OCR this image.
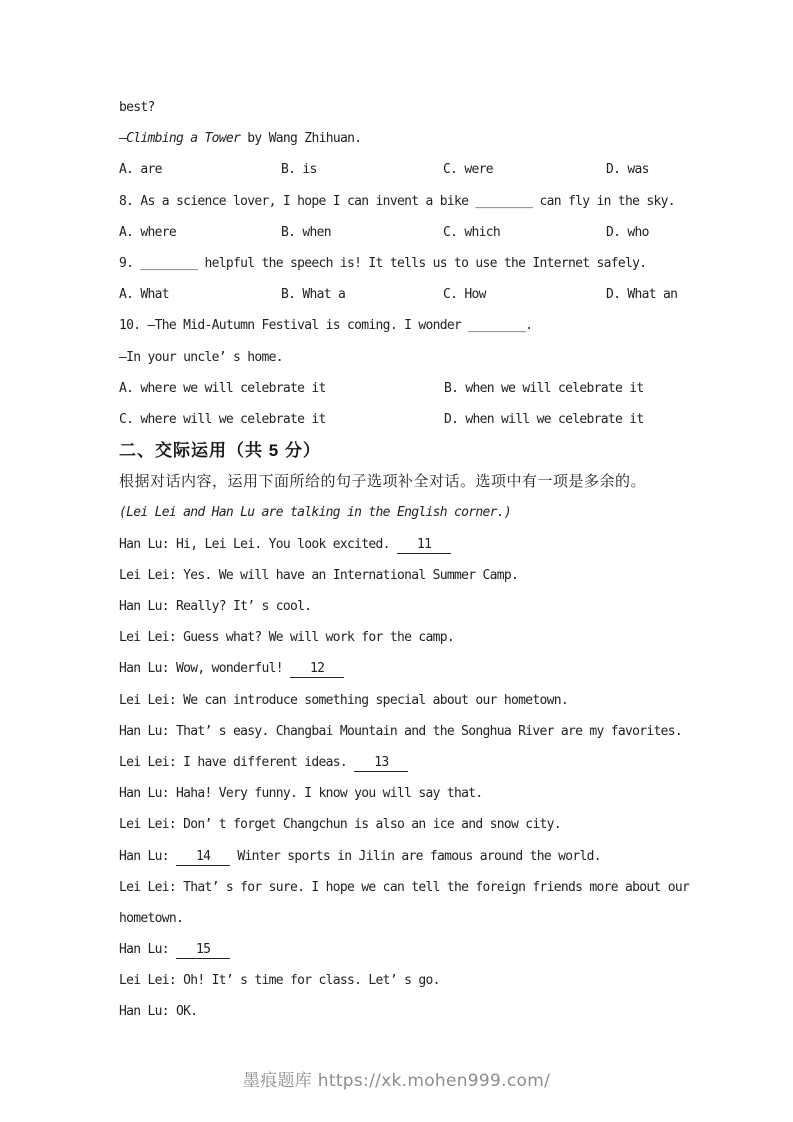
best?
—Climbing a Tower by Wang Zhihuan.
A. are	B. is	C. were	D. was
8. As a science lover, I hope I can invent a bike ________ can fly in the sky.
A. where	B. when	C. which	D. who
9. ________ helpful the speech is! It tells us to use the Internet safely.
A. What	B. What a	C. How	D. What an
10. —The Mid-Autumn Festival is coming. I wonder ________.
—In your uncle’ s home.
A. where we will celebrate it	B. when we will celebrate it
C. where will we celebrate it	D. when will we celebrate it
二、交际运用（共 5 分）
根据对话内容，运用下面所给的句子选项补全对话。选项中有一项是多余的。
(Lei Lei and Han Lu are talking in the English corner.)
Han Lu: Hi, Lei Lei. You look excited. 11
Lei Lei: Yes. We will have an International Summer Camp.
Han Lu: Really? It’ s cool.
Lei Lei: Guess what? We will work for the camp.
Han Lu: Wow, wonderful! 12
Lei Lei: We can introduce something special about our hometown.
Han Lu: That’ s easy. Changbai Mountain and the Songhua River are my favorites.
Lei Lei: I have different ideas. 13
Han Lu: Haha! Very funny. I know you will say that.
Lei Lei: Don’ t forget Changchun is also an ice and snow city.
Han Lu: 14 Winter sports in Jilin are famous around the world.
Lei Lei: That’ s for sure. I hope we can tell the foreign friends more about our
hometown.
Han Lu: 15
Lei Lei: Oh! It’ s time for class. Let’ s go.
Han Lu: OK.
墨痕题库 https://xk.mohen999.com/
